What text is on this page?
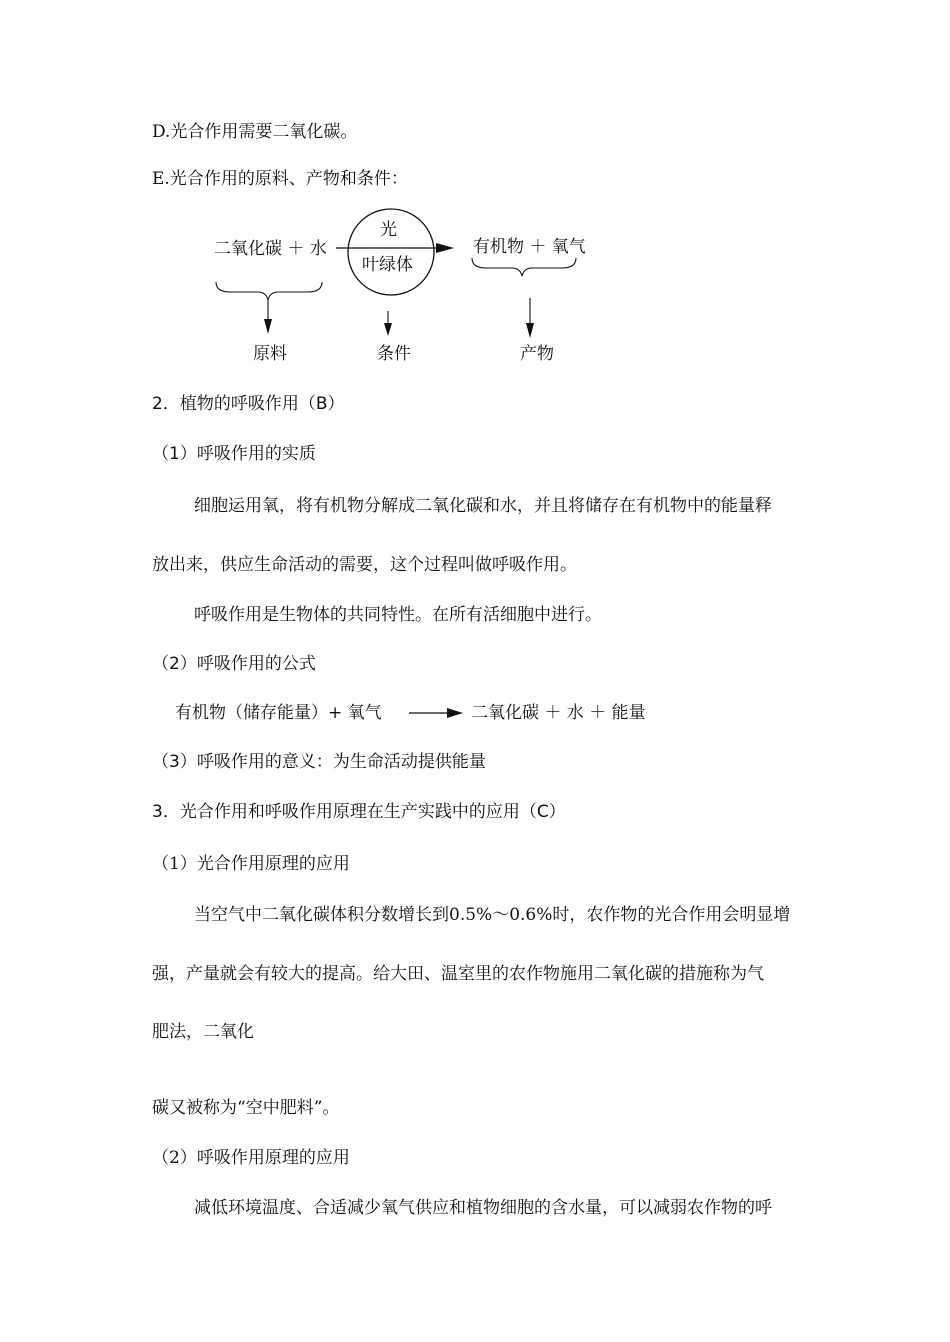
D.光合作用需要二氧化碳。
E.光合作用的原料、产物和条件：
二氧化碳 ＋ 水
光
叶绿体
有机物 ＋ 氧气
原料	条件	产物
2．植物的呼吸作用（B）
（1）呼吸作用的实质
细胞运用氧，将有机物分解成二氧化碳和水，并且将储存在有机物中的能量释
放出来，供应生命活动的需要，这个过程叫做呼吸作用。
呼吸作用是生物体的共同特性。在所有活细胞中进行。
（2）呼吸作用的公式
有机物（储存能量）+ 氧气	二氧化碳 ＋ 水 ＋ 能量
（3）呼吸作用的意义：为生命活动提供能量
3．光合作用和呼吸作用原理在生产实践中的应用（C）
（1）光合作用原理的应用
当空气中二氧化碳体积分数增长到0.5%～0.6%时，农作物的光合作用会明显增
强，产量就会有较大的提高。给大田、温室里的农作物施用二氧化碳的措施称为气
肥法，二氧化
碳又被称为“空中肥料”。
（2）呼吸作用原理的应用
减低环境温度、合适减少氧气供应和植物细胞的含水量，可以减弱农作物的呼
